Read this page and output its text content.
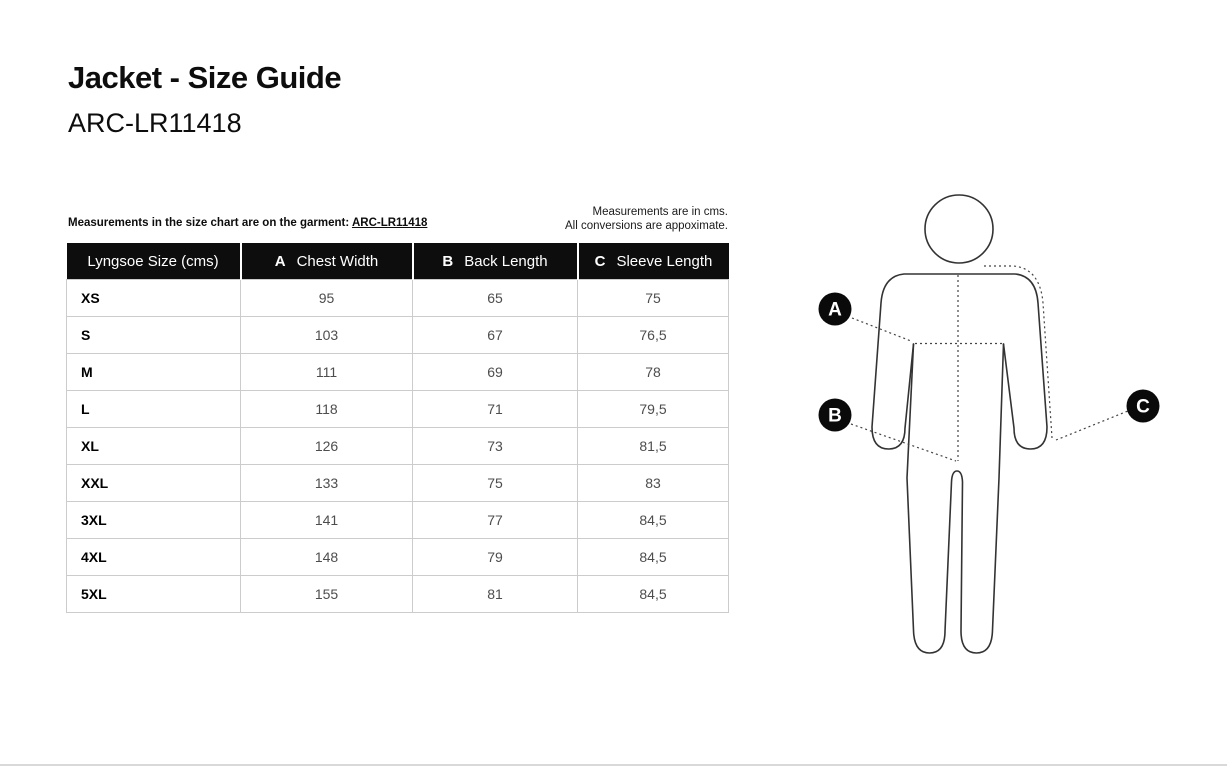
Jacket - Size Guide
ARC-LR11418
Measurements in the size chart are on the garment: ARC-LR11418
Measurements are in cms.
All conversions are appoximate.
Lyngsoe Size (cms)	A Chest Width	B Back Length	C Sleeve Length
XS	95	65	75
S	103	67	76,5
M	111	69	78
L	118	71	79,5
XL	126	73	81,5
XXL	133	75	83
3XL	141	77	84,5
4XL	148	79	84,5
5XL	155	81	84,5
A
B	C
